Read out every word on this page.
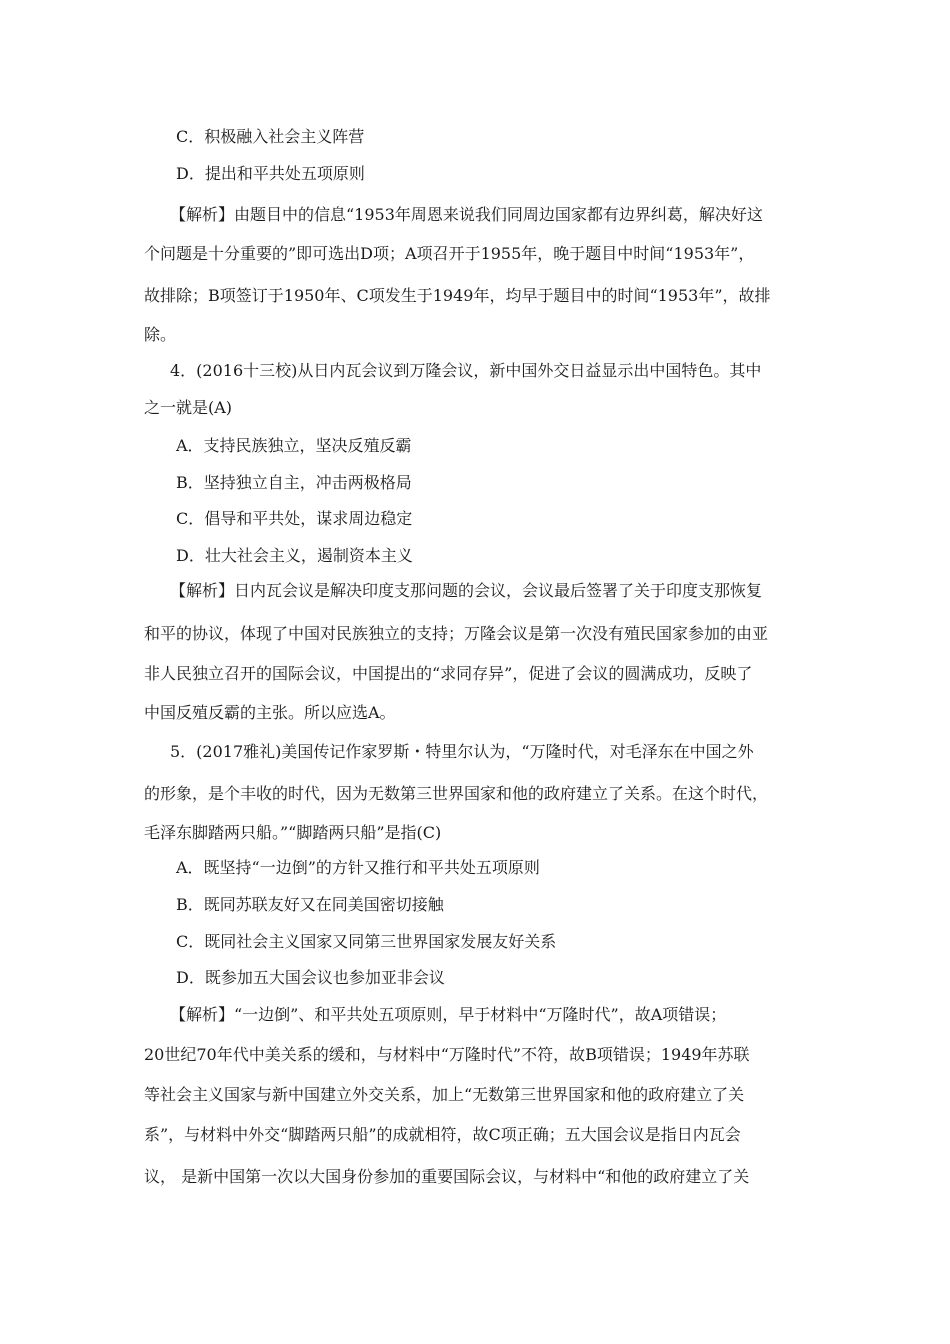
C．积极融入社会主义阵营
D．提出和平共处五项原则
【解析】由题目中的信息“1953年周恩来说我们同周边国家都有边界纠葛，解决好这
个问题是十分重要的”即可选出D项；A项召开于1955年，晚于题目中时间“1953年”，
故排除；B项签订于1950年、C项发生于1949年，均早于题目中的时间“1953年”，故排
除。
4．(2016十三校)从日内瓦会议到万隆会议，新中国外交日益显示出中国特色。其中
之一就是(A)
A．支持民族独立，坚决反殖反霸
B．坚持独立自主，冲击两极格局
C．倡导和平共处，谋求周边稳定
D．壮大社会主义，遏制资本主义
【解析】日内瓦会议是解决印度支那问题的会议，会议最后签署了关于印度支那恢复
和平的协议，体现了中国对民族独立的支持；万隆会议是第一次没有殖民国家参加的由亚
非人民独立召开的国际会议，中国提出的“求同存异”，促进了会议的圆满成功，反映了
中国反殖反霸的主张。所以应选A。
5．(2017雅礼)美国传记作家罗斯・特里尔认为，“万隆时代，对毛泽东在中国之外
的形象，是个丰收的时代，因为无数第三世界国家和他的政府建立了关系。在这个时代，
毛泽东脚踏两只船。”“脚踏两只船”是指(C)
A．既坚持“一边倒”的方针又推行和平共处五项原则
B．既同苏联友好又在同美国密切接触
C．既同社会主义国家又同第三世界国家发展友好关系
D．既参加五大国会议也参加亚非会议
【解析】“一边倒”、和平共处五项原则，早于材料中“万隆时代”，故A项错误；
20世纪70年代中美关系的缓和，与材料中“万隆时代”不符，故B项错误；1949年苏联
等社会主义国家与新中国建立外交关系，加上“无数第三世界国家和他的政府建立了关
系”，与材料中外交“脚踏两只船”的成就相符，故C项正确；五大国会议是指日内瓦会
议， 是新中国第一次以大国身份参加的重要国际会议，与材料中“和他的政府建立了关
